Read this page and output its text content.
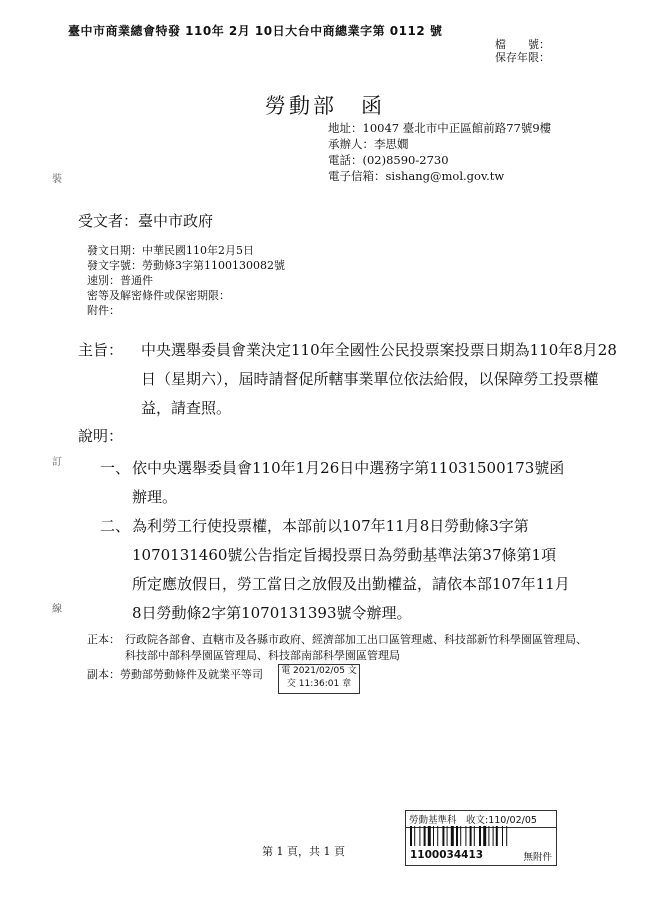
臺中市商業總會特發 110年 2月 10日大台中商總業字第 0112 號
檔　　號：
保存年限：
勞動部　函
地址：10047 臺北市中正區館前路77號9樓
承辦人：李思嫺
電話：(02)8590-2730
電子信箱：sishang@mol.gov.tw
受文者：臺中市政府
發文日期：中華民國110年2月5日
發文字號：勞動條3字第1100130082號
速別：普通件
密等及解密條件或保密期限：
附件：
主旨： 中央選舉委員會業決定110年全國性公民投票案投票日期為110年8月28日（星期六），屆時請督促所轄事業單位依法給假，以保障勞工投票權益，請查照。
說明：
一、 依中央選舉委員會110年1月26日中選務字第11031500173號函辦理。
二、 為利勞工行使投票權，本部前以107年11月8日勞動條3字第1070131460號公告指定旨揭投票日為勞動基準法第37條第1項所定應放假日，勞工當日之放假及出勤權益，請依本部107年11月8日勞動條2字第1070131393號令辦理。
正本： 行政院各部會、直轄市及各縣市政府、經濟部加工出口區管理處、科技部新竹科學園區管理局、科技部中部科學園區管理局、科技部南部科學園區管理局
副本：勞動部勞動條件及就業平等司 電 2021/02/05 文
交 11:36:01 章
裝
訂
線
勞動基準科　收文:110/02/05
1100034413	無附件
第 1 頁，共 1 頁
